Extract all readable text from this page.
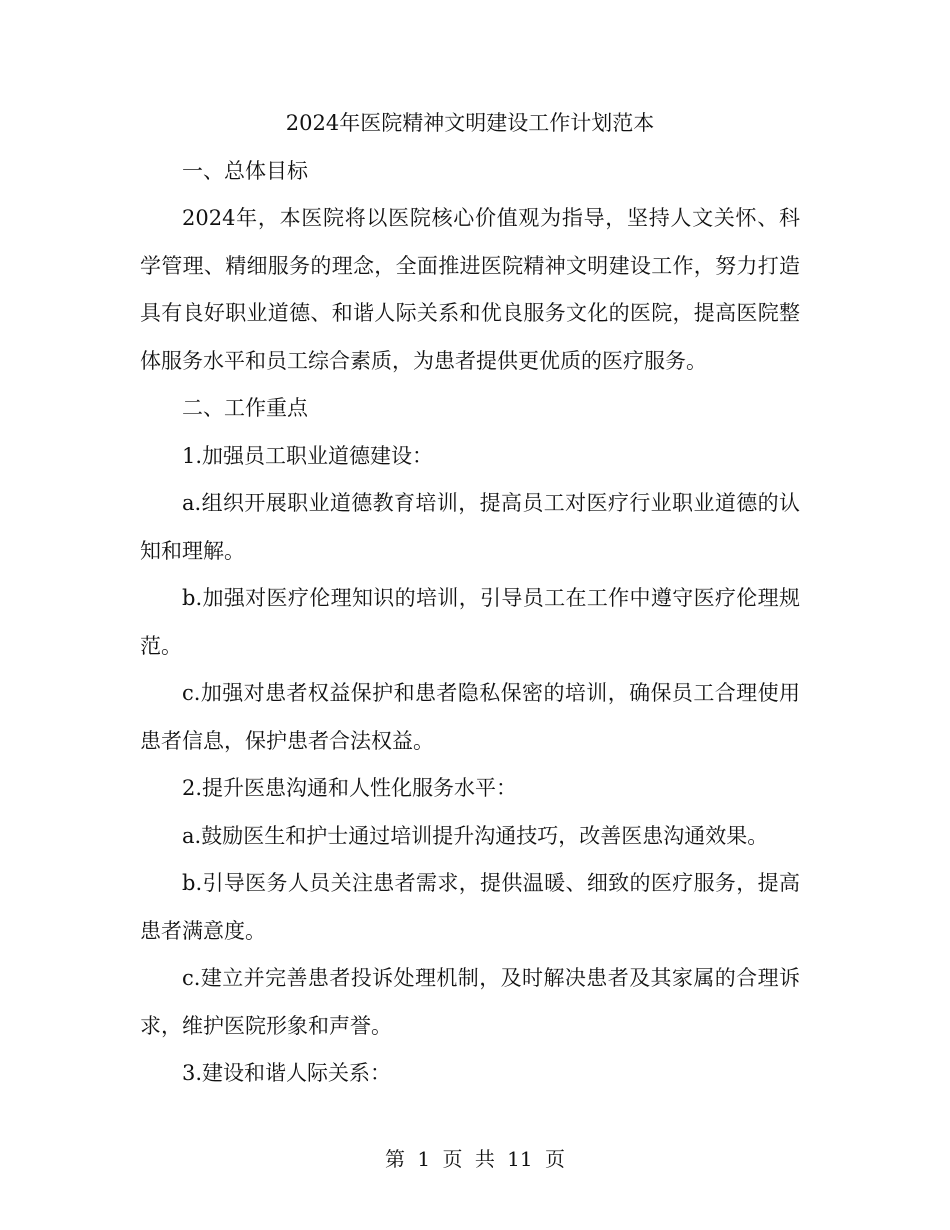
2024年医院精神文明建设工作计划范本

一、总体目标

2024年，本医院将以医院核心价值观为指导，坚持人文关怀、科学管理、精细服务的理念，全面推进医院精神文明建设工作，努力打造具有良好职业道德、和谐人际关系和优良服务文化的医院，提高医院整体服务水平和员工综合素质，为患者提供更优质的医疗服务。

二、工作重点

1.加强员工职业道德建设：

a.组织开展职业道德教育培训，提高员工对医疗行业职业道德的认知和理解。

b.加强对医疗伦理知识的培训，引导员工在工作中遵守医疗伦理规范。

c.加强对患者权益保护和患者隐私保密的培训，确保员工合理使用患者信息，保护患者合法权益。

2.提升医患沟通和人性化服务水平：

a.鼓励医生和护士通过培训提升沟通技巧，改善医患沟通效果。

b.引导医务人员关注患者需求，提供温暖、细致的医疗服务，提高患者满意度。

c.建立并完善患者投诉处理机制，及时解决患者及其家属的合理诉求，维护医院形象和声誉。

3.建设和谐人际关系：

第 1 页 共 11 页
